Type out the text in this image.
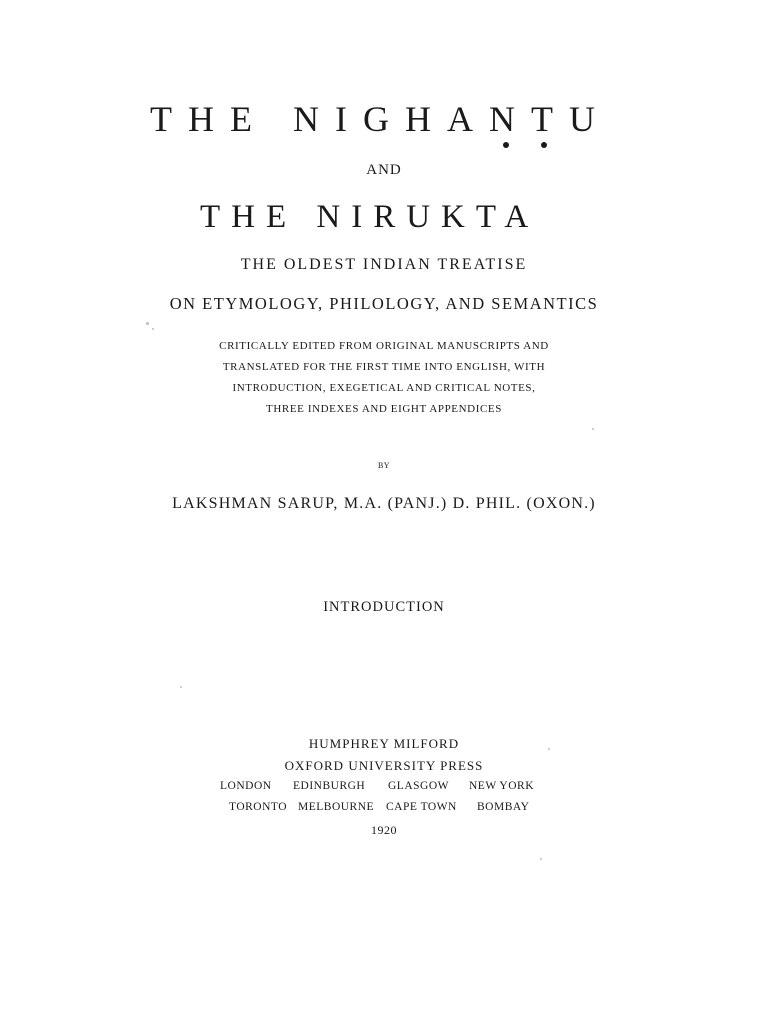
THE NIGHANTU
AND
THE NIRUKTA
THE OLDEST INDIAN TREATISE
ON ETYMOLOGY, PHILOLOGY, AND SEMANTICS
CRITICALLY EDITED FROM ORIGINAL MANUSCRIPTS AND
TRANSLATED FOR THE FIRST TIME INTO ENGLISH, WITH
INTRODUCTION, EXEGETICAL AND CRITICAL NOTES,
THREE INDEXES AND EIGHT APPENDICES
BY
LAKSHMAN SARUP, M.A. (PANJ.) D. PHIL. (OXON.)
INTRODUCTION
HUMPHREY MILFORD
OXFORD UNIVERSITY PRESS
LONDON EDINBURGH GLASGOW NEW YORK
TORONTO MELBOURNE CAPE TOWN BOMBAY
1920
